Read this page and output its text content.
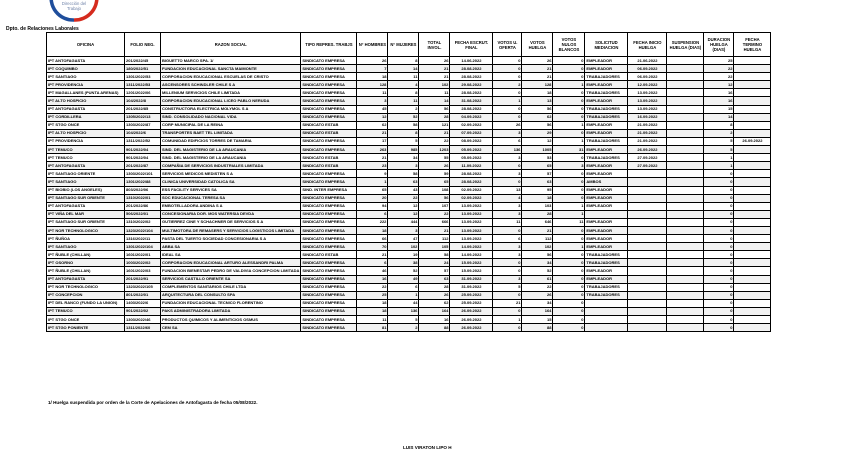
Dirección del
Trabajo
Dpto. de Relaciones Laborales
OFICINA	FOLIO NEG.	RAZON SOCIAL	TIPO REPRES. TRABJS	N° HOMBRES	N° MUJERES	TOTAL INVOL.	FECHA ESCRUT. FINAL	VOTOS U. OFERTA	VOTOS HUELGA	VOTOS NULOS BLANCOS	SOLICITUD MEDIACION	FECHA INICIO HUELGA	SUSPENSION HUELGA (DIAS)	DURACION HUELGA (DIAS)	FECHA TERMINO HUELGA
IPT ANTOFAGASTA	201/2022/45	BIGUETTO MARCO SPA. 1/	SINDICATO EMPRESA	26	8	26	14.06.2022	0	26	0	EMPLEADOR	21.06.2022		25	
IPT COQUIMBO	180/2022/51	FUNDACION EDUCACIONAL SANCTA MAIMONTE	SINDICATO EMPRESA	7	14	21	28.08.2022	0	21	0	EMPLEADOR	06.09.2022		22	
IPT SANTIAGO	1301/2022/53	CORPORACION EDUCACIONAL ESCUELAS DE CRISTO	SINDICATO EMPRESA	18	11	21	28.08.2022	0	21	0	TRABAJADORES	06.09.2022		22	
IPT PROVIDENCIA	1311/2022/53	ASCENSORES SCHINDLER CHILE S A	SINDICATO EMPRESA	128	4	102	29.08.2022	2	128	1	EMPLEADOR	12.09.2022		12	
IPT MAGALLANES (PUNTA ARENAS)	1201/2022/06	MILLENIUM SERVICIOS CHILE LIMITADA	SINDICATO EMPRESA	11	8	11	28.08.2022	0	18	0	TRABAJADORES	13.09.2022		16	
IPT ALTO HOSPICIO	104/2022/8	CORPORACION EDUCACIONAL LICEO PABLO NERUDA	SINDICATO EMPRESA	3	11	14	31.08.2022	1	13	0	EMPLEADOR	13.09.2022		16	
IPT ANTOFAGASTA	201/2022/85	CONSTRUCTORA ELECTRICA MOLYMOL S A	SINDICATO EMPRESA	45	2	56	28.08.2022	0	56	0	TRABAJADORES	13.09.2022		15	
IPT CORDILLERA	1305/2022/13	SIND. CONSOLIDADO NACIONAL VIDA	SINDICATO EMPRESA	12	52	28	04.09.2022	0	62	0	TRABAJADORES	16.09.2022		14	
IPT STGO ONCE	1303/2022/87	CORP MUNICIPAL DE LA REINA	SINDICATO ESTAB	62	58	121	02.09.2022	26	56	1	EMPLEADOR	21.09.2022		8	
IPT ALTO HOSPICIO	104/2022/6	TRANSPORTES BAET TEL LIMITADA	SINDICATO ESTAB	21	8	21	07.09.2022	3	29	0	EMPLEADOR	21.09.2022		2	
IPT PROVIDENCIA	1311/2022/52	COMUNIDAD EDIFICIOS TORRES DE TAMARIA	SINDICATO EMPRESA	17	5	22	08.09.2022	6	12	1	TRABAJADORES	21.09.2022		5	26.09.2022
IPT TEMUCO	901/2022/04	SIND. DEL MAGISTERIO DE LA ARAUCANIA	SINDICATO EMPRESA	263	985	1203	05.09.2022	136	1005	31	EMPLEADOR	26.09.2022		5	
IPT TEMUCO	901/2022/04	SIND. DEL MAGISTERIO DE LA ARAUCANIA	SINDICATO ESTAB	21	34	55	05.09.2022	3	53	0	TRABAJADORES	27.09.2022		1	
IPT ANTOFAGASTA	201/2022/87	COMPAÑIA DE SERVICIOS INDUSTRIALES LIMITADA	SINDICATO ESTAB	23	3	26	11.09.2022	0	65	3	EMPLEADOR	27.09.2022		1	
IPT SANTIAGO ORIENTE	1303/2022/101	SERVICIOS MEDICOS MEDISTEN S A	SINDICATO EMPRESA	9	58	59	28.08.2022	3	57	0	EMPLEADOR			0	
IPT SANTIAGO	1301/2022/88	CLINICA UNIVERSIDAD CATOLICA SA	SINDICATO EMPRESA	1	63	65	28.08.2022	0	63	0	AMBOS			0	
IPT BIOBIO (LOS ANGELES)	803/2022/06	ESS FACILITY SERVICES SA	SIND. INTER EMPRESA	65	43	108	02.09.2022	13	95	0	EMPLEADOR			0	
IPT SANTIAGO SUR ORIENTE	1310/2022/01	SOC EDUCACIONAL TERESA SA	SINDICATO EMPRESA	20	22	56	02.09.2022	4	18	0	EMPLEADOR			0	
IPT ANTOFAGASTA	201/2022/86	EMBOTELLADORA ANDINA S A	SINDICATO EMPRESA	94	12	107	13.09.2022	3	103	1	EMPLEADOR			0	
IPT VIÑA DEL MAR	506/2022/01	CONCESIONARIA DOR. MOS WATERSIA DEVDA	SINDICATO EMPRESA	6	12	22	13.09.2022	3	28	1				0	
IPT SANTIAGO SUR ORIENTE	1310/2022/02	GUTIERREZ CINE Y SCHACHNER DE SERVICIOS S A	SINDICATO EMPRESA	222	444	666	13.09.2022	11	646	11	EMPLEADOR			0	
IPT NOR TECHNOLOGICO	1323/2022/104	MULTIMOTORA DE REMASERS Y SERVICIOS LOGISTICOS LIMITADA	SINDICATO EMPRESA	18	3	21	13.09.2022	0	21	0	EMPLEADOR			0	
IPT ÑUÑOA	1316/2022/11	PASTA DEL TUERTO SOCIEDAD CONCESIONARIA S A	SINDICATO EMPRESA	66	47	112	13.09.2022	6	112	0	EMPLEADOR			0	
IPT SANTIAGO	1301/2022/104	ABBA SA	SINDICATO EMPRESA	70	102	105	14.09.2022	3	102	1	EMPLEADOR			0	
IPT ÑUBLE (CHILLAN)	1601/2022/01	IDEAL SA	SINDICATO ESTAB	21	19	58	14.09.2022	3	56	0	TRABAJADORES			0	
IPT OSORNO	1003/2022/02	CORPORACION EDUCACIONAL ARTURO ALESSANDRI PALMA	SINDICATO EMPRESA	6	38	24	15.09.2022	0	34	0	TRABAJADORES			0	
IPT ÑUBLE (CHILLAN)	1601/2022/03	FUNDACION BIENESTAR PEDRO DE VALDIVIA CONCEPCION LIMITADA	SINDICATO EMPRESA	46	52	57	15.09.2022	0	52	0	EMPLEADOR			0	
IPT ANTOFAGASTA	201/2022/91	SERVICIOS CASTILLO ORIENTE SA	SINDICATO EMPRESA	16	49	63	31.09.2022	3	61	0	EMPLEADOR			0	
IPT NOR TECHNOLOGICO	1323/2022/105	COMPLEMENTOS SANITARIOS CHILE LTDA	SINDICATO EMPRESA	22	6	28	31.09.2022	5	22	0	TRABAJADORES			0	
IPT CONCEPCION	801/2022/01	ARQUITECTURA DEL CONSULTO SPA	SINDICATO EMPRESA	25	1	26	25.09.2022	0	26	0	TRABAJADORES			0	
IPT DEL RANCO (FUNDO LA UNION)	1403/2022/6	FUNDACION EDUCACIONAL TECNICO FLORENTINO	SINDICATO EMPRESA	18	44	62	25.09.2022	21	34	0				0	
IPT TEMUCO	901/2022/02	PAKS ADMINISTRADORA LIMITADA	SINDICATO EMPRESA	18	136	164	26.09.2022	0	164	0				0	
IPT STGO ONCE	1303/2022/46	PRODUCTOS QUIMICOS Y ALIMENTICIOS OSMUS	SINDICATO EMPRESA	11	5	16	26.09.2022	1	15	0				0	
IPT STGO PONIENTE	1311/2022/60	CEM SA	SINDICATO EMPRESA	81	2	88	26.09.2022	0	88	0				0	
1/ Huelga suspendida por orden de la Corte de Apelaciones de Antofagasta de fecha 05/08/2022.
LUIS VIRATON LIPO H
